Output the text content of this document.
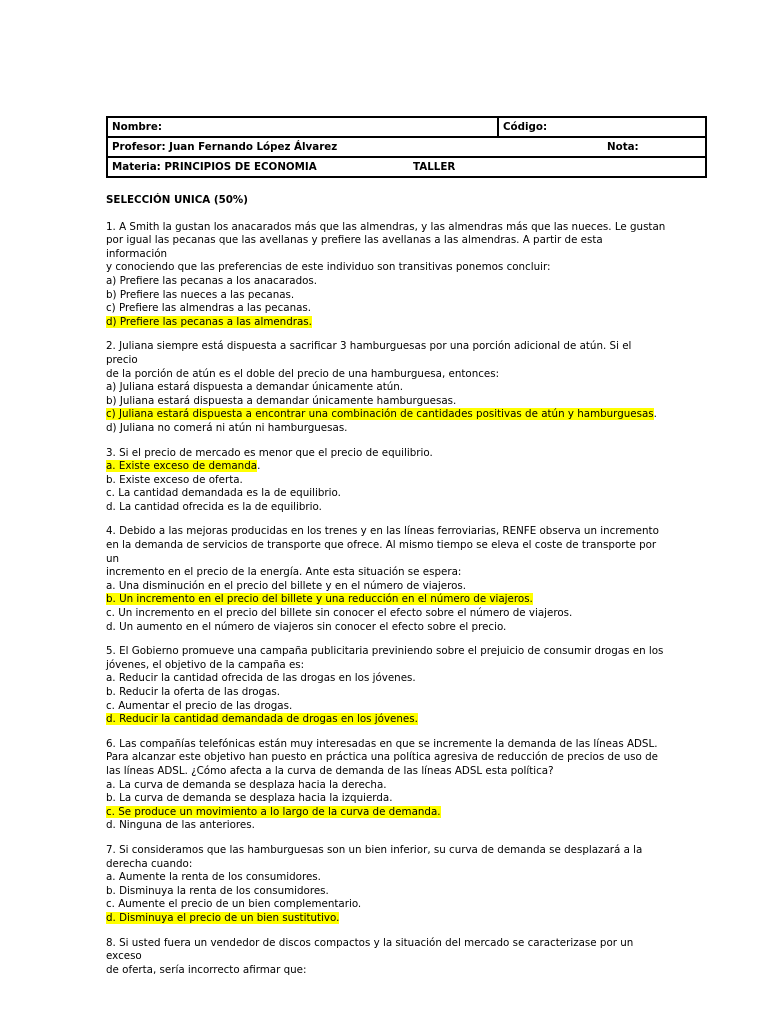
Nombre:	Código:
Profesor: Juan Fernando López Álvarez	Nota:

Materia: PRINCIPIOS DE ECONOMIA	TALLER
SELECCIÓN UNICA (50%)

1. A Smith la gustan los anacarados más que las almendras, y las almendras más que las nueces. Le gustan

por igual las pecanas que las avellanas y prefiere las avellanas a las almendras. A partir de esta información

y conociendo que las preferencias de este individuo son transitivas ponemos concluir:

a) Prefiere las pecanas a los anacarados.

b) Prefiere las nueces a las pecanas.

c) Prefiere las almendras a las pecanas.

d) Prefiere las pecanas a las almendras.

2. Juliana siempre está dispuesta a sacrificar 3 hamburguesas por una porción adicional de atún. Si el precio

de la porción de atún es el doble del precio de una hamburguesa, entonces:

a) Juliana estará dispuesta a demandar únicamente atún.

b) Juliana estará dispuesta a demandar únicamente hamburguesas.

c) Juliana estará dispuesta a encontrar una combinación de cantidades positivas de atún y hamburguesas.

d) Juliana no comerá ni atún ni hamburguesas.

3. Si el precio de mercado es menor que el precio de equilibrio.

a. Existe exceso de demanda.

b. Existe exceso de oferta.

c. La cantidad demandada es la de equilibrio.

d. La cantidad ofrecida es la de equilibrio.

4. Debido a las mejoras producidas en los trenes y en las líneas ferroviarias, RENFE observa un incremento

en la demanda de servicios de transporte que ofrece. Al mismo tiempo se eleva el coste de transporte por un

incremento en el precio de la energía. Ante esta situación se espera:

a. Una disminución en el precio del billete y en el número de viajeros.

b. Un incremento en el precio del billete y una reducción en el número de viajeros.

c. Un incremento en el precio del billete sin conocer el efecto sobre el número de viajeros.

d. Un aumento en el número de viajeros sin conocer el efecto sobre el precio.

5. El Gobierno promueve una campaña publicitaria previniendo sobre el prejuicio de consumir drogas en los

jóvenes, el objetivo de la campaña es:

a. Reducir la cantidad ofrecida de las drogas en los jóvenes.

b. Reducir la oferta de las drogas.

c. Aumentar el precio de las drogas.

d. Reducir la cantidad demandada de drogas en los jóvenes.

6. Las compañías telefónicas están muy interesadas en que se incremente la demanda de las líneas ADSL.

Para alcanzar este objetivo han puesto en práctica una política agresiva de reducción de precios de uso de

las líneas ADSL. ¿Cómo afecta a la curva de demanda de las líneas ADSL esta política?

a. La curva de demanda se desplaza hacia la derecha.

b. La curva de demanda se desplaza hacia la izquierda.

c. Se produce un movimiento a lo largo de la curva de demanda.

d. Ninguna de las anteriores.

7. Si consideramos que las hamburguesas son un bien inferior, su curva de demanda se desplazará a la

derecha cuando:

a. Aumente la renta de los consumidores.

b. Disminuya la renta de los consumidores.

c. Aumente el precio de un bien complementario.

d. Disminuya el precio de un bien sustitutivo.

8. Si usted fuera un vendedor de discos compactos y la situación del mercado se caracterizase por un exceso

de oferta, sería incorrecto afirmar que:
